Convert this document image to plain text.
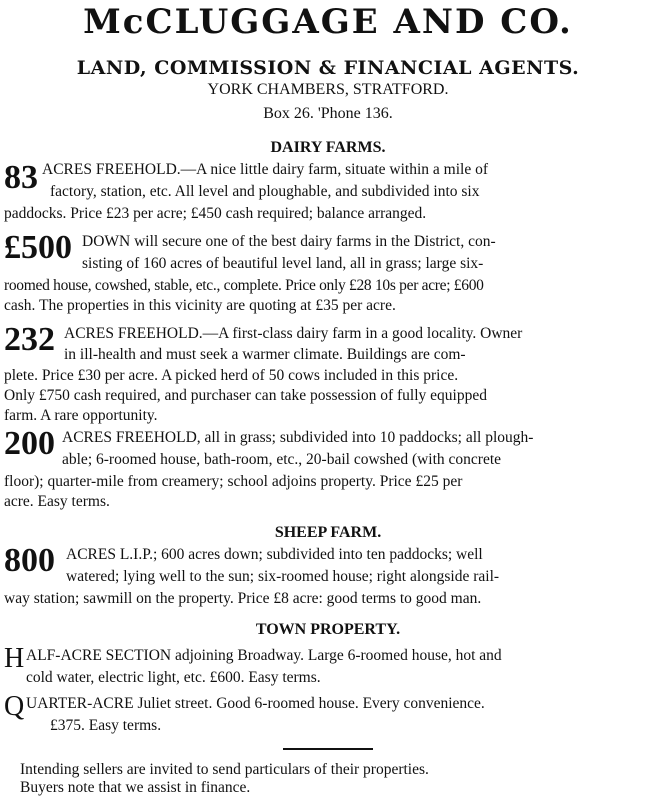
McCLUGGAGE AND CO.
LAND, COMMISSION & FINANCIAL AGENTS.
YORK CHAMBERS, STRATFORD.
Box 26. 'Phone 136.
DAIRY FARMS.
83 ACRES FREEHOLD.—A nice little dairy farm, situate within a mile of
factory, station, etc. All level and ploughable, and subdivided into six
paddocks. Price £23 per acre; £450 cash required; balance arranged.
£500 DOWN will secure one of the best dairy farms in the District, con-
sisting of 160 acres of beautiful level land, all in grass; large six-
roomed house, cowshed, stable, etc., complete. Price only £28 10s per acre; £600
cash. The properties in this vicinity are quoting at £35 per acre.
232 ACRES FREEHOLD.—A first-class dairy farm in a good locality. Owner
in ill-health and must seek a warmer climate. Buildings are com-
plete. Price £30 per acre. A picked herd of 50 cows included in this price.
Only £750 cash required, and purchaser can take possession of fully equipped
farm. A rare opportunity.
200 ACRES FREEHOLD, all in grass; subdivided into 10 paddocks; all plough-
able; 6-roomed house, bath-room, etc., 20-bail cowshed (with concrete
floor); quarter-mile from creamery; school adjoins property. Price £25 per
acre. Easy terms.
SHEEP FARM.
800 ACRES L.I.P.; 600 acres down; subdivided into ten paddocks; well
watered; lying well to the sun; six-roomed house; right alongside rail-
way station; sawmill on the property. Price £8 acre: good terms to good man.
TOWN PROPERTY.
H ALF-ACRE SECTION adjoining Broadway. Large 6-roomed house, hot and
cold water, electric light, etc. £600. Easy terms.
Q UARTER-ACRE Juliet street. Good 6-roomed house. Every convenience.
£375. Easy terms.
Intending sellers are invited to send particulars of their properties.
Buyers note that we assist in finance.
